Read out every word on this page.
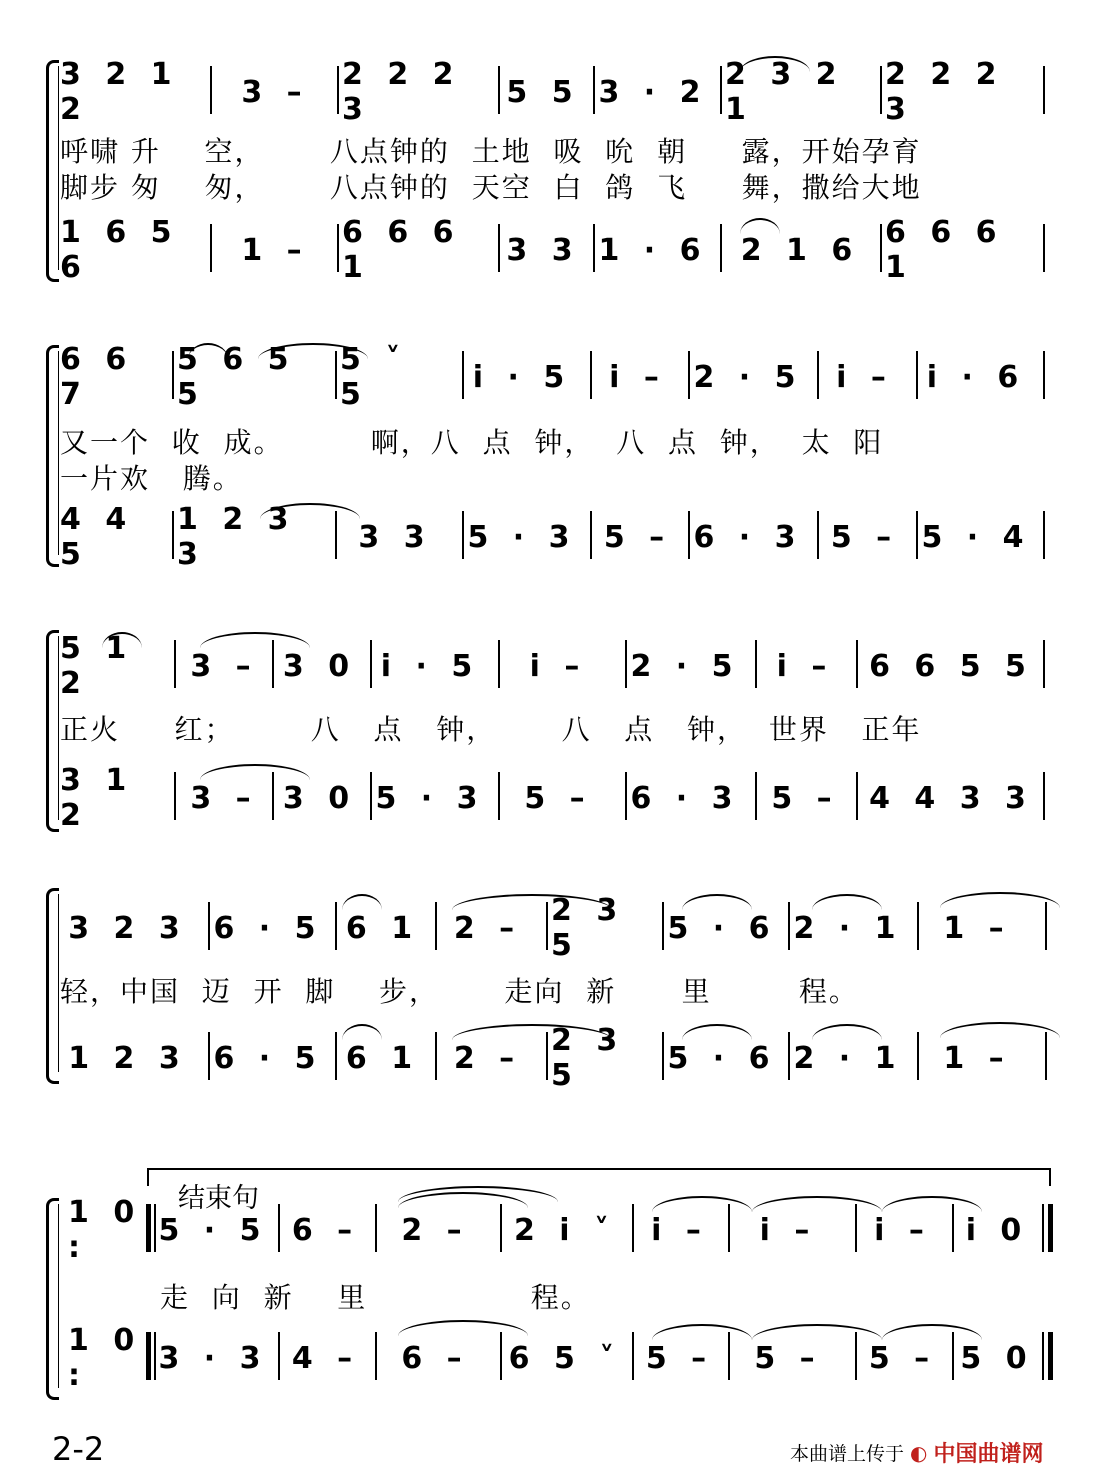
3 2 1 2	3 –	2 2 2 3	5 5 3 · 2 2 3 2 1
2 2 2 3
呼啸 升    空，      八点钟的  土地  吸  吮  朝     露，开始孕育
脚步 匆    匆，      八点钟的  天空  白  鸽  飞     舞，撒给大地
1 6 5 6	1 –	6 6 6 1	3 3 1 · 6	2 1 6 6 6 6 1
6 6 7
5 6 5 5
5 ˅ 5	i · 5	i – 2 · 5	i –	i · 6
又一个  收  成。        啊，八  点  钟，  八  点  钟，  太  阳
一片欢   腾。
4 4 5
1 2 3 3	3 3	5 · 3 5 – 6 · 3 5 – 5 · 4
5 1 2	3 – 3 0 i · 5	i –	2 · 5	i –	6 6 5 5
正火     红；       八   点   钟，      八   点   钟，  世界   正年
3 1 2	3 – 3 0 5 · 3	5 –	6 · 3	5 –	4 4 3 3
3 2 3 6 · 5 6 1	2 – 2 3 5	5 · 6 2 · 1	1 –
轻，中国  迈  开  脚    步，      走向  新      里        程。
1 2 3 6 · 5 6 1	2 – 2 3 5	5 · 6 2 · 1	1 –
结束句
1 0 :	5 · 5 6 –	2 –	2 i ˅	i –	i –	i –	i 0
走  向  新    里               程。
1 0 :	3 · 3 4 –	6 –	6 5 ˅ 5 –	5 –	5 – 5 0
2-2	本曲谱上传于 ◐ 中国曲谱网
